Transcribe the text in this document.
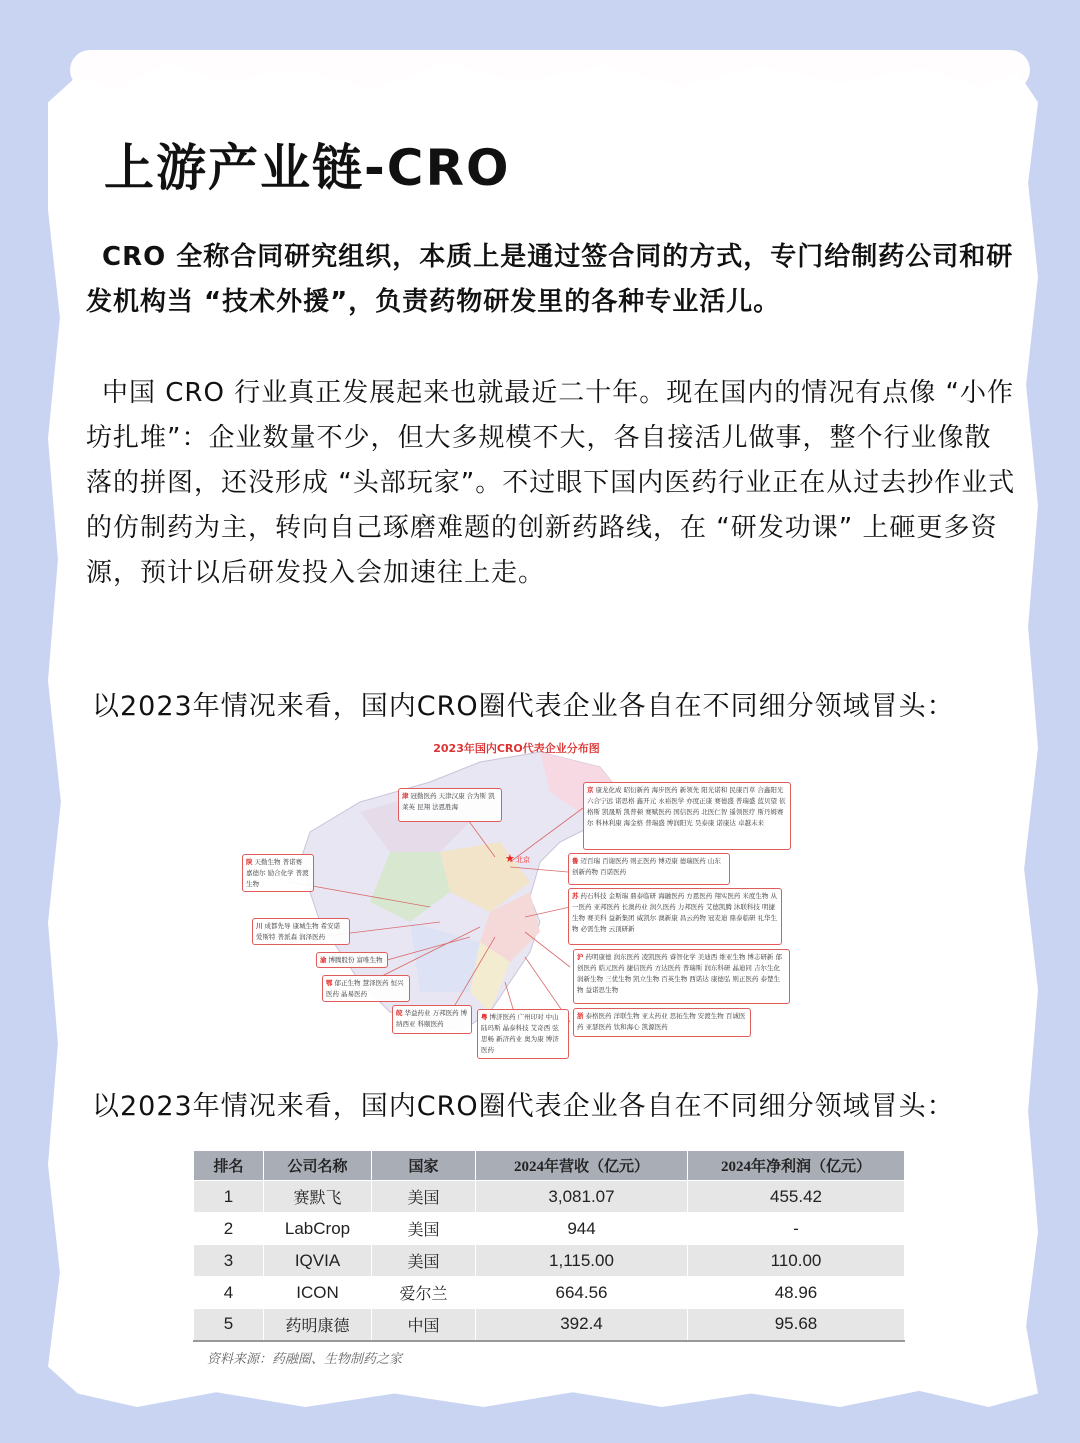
上游产业链-CRO

CRO 全称合同研究组织，本质上是通过签合同的方式，专门给制药公司和研发机构当 “技术外援”，负责药物研发里的各种专业活儿。

中国 CRO 行业真正发展起来也就最近二十年。现在国内的情况有点像 “小作坊扎堆”：企业数量不少，但大多规模不大，各自接活儿做事，整个行业像散落的拼图，还没形成 “头部玩家”。不过眼下国内医药行业正在从过去抄作业式的仿制药为主，转向自己琢磨难题的创新药路线，在 “研发功课” 上砸更多资源，预计以后研发投入会加速往上走。

以2023年情况来看，国内CRO圈代表企业各自在不同细分领域冒头：
2023年国内CRO代表企业分布图
★ 北京
津 冠勤医药 天津汉康 合为斯 凯莱英 昆翔 法恩胜海
京 康龙化成 昭衍新药 海步医药 新领先 阳光诺和 民康百草 合鑫阳光 六合宁远 诺思格 鑫开元 永裕医学 亦度正康 赛德盛 普瑞盛 蓝贝望 依格斯 凯晟斯 凯普顿 赛赋医药 国信医药 北医仁智 遥领医疗 斯丹姆赛尔 科林利康 海金格 普瑞盛 博润阳光 昊泰康 诺康达 卓越未来
鲁 迈百瑞 百谢医药 则正医药 博迈康 德瑞医药 山东创新药物 百诺医药
苏 药石科技 金斯瑞 鼎泰临研 海融医药 方恩医药 翔实医药 米度生物 从一医药 亚邦医药 长澳药业 润久医药 力邦医药 艾德凯腾 沐联科技 明捷生物 赛美科 益新集团 威凯尔 澳新康 昌云药物 冠麦迪 鼎泰临研 礼华生物 必需生物 云顶研新
沪 药明康德 润东医药 凌凯医药 睿智化学 美迪西 维亚生物 博志研新 郁创医药 皓元医药 捷信医药 方达医药 普瑞斯 润东科研 晶迪同 吉尔生化 润新生物 三优生物 凯立生物 百英生物 西诺达 康德弘 则正医药 泰楚生物 益诺思生物
浙 泰格医药 洋联生物 亚太药业 思拓生物 安渡生物 百诚医药 亚瑟医药 钛和海心 凯源医药
粤 博济医药 广州印对 中山陆玛斯 晶泰科技 艾奇西 弦思畅 新济药业 奥为康 博济医药
皖 华益药业 万邦医药 博纳西亚 科颐医药
鄂 郁正生物 慧泽医药 恒兴医药 晶易医药
渝 博腾股份 富唯生物
川 成都先导 康城生物 希安诺 爱斯特 普派森 润泽医药
陕 天勤生物 普诺赛 嘉德尔 励合化学 普渡生物
以2023年情况来看，国内CRO圈代表企业各自在不同细分领域冒头：
排名	公司名称	国家	2024年营收（亿元）	2024年净利润（亿元）
1	赛默飞	美国	3,081.07	455.42
2	LabCrop	美国	944	-
3	IQVIA	美国	1,115.00	110.00
4	ICON	爱尔兰	664.56	48.96
5	药明康德	中国	392.4	95.68
资料来源：药融圈、生物制药之家
